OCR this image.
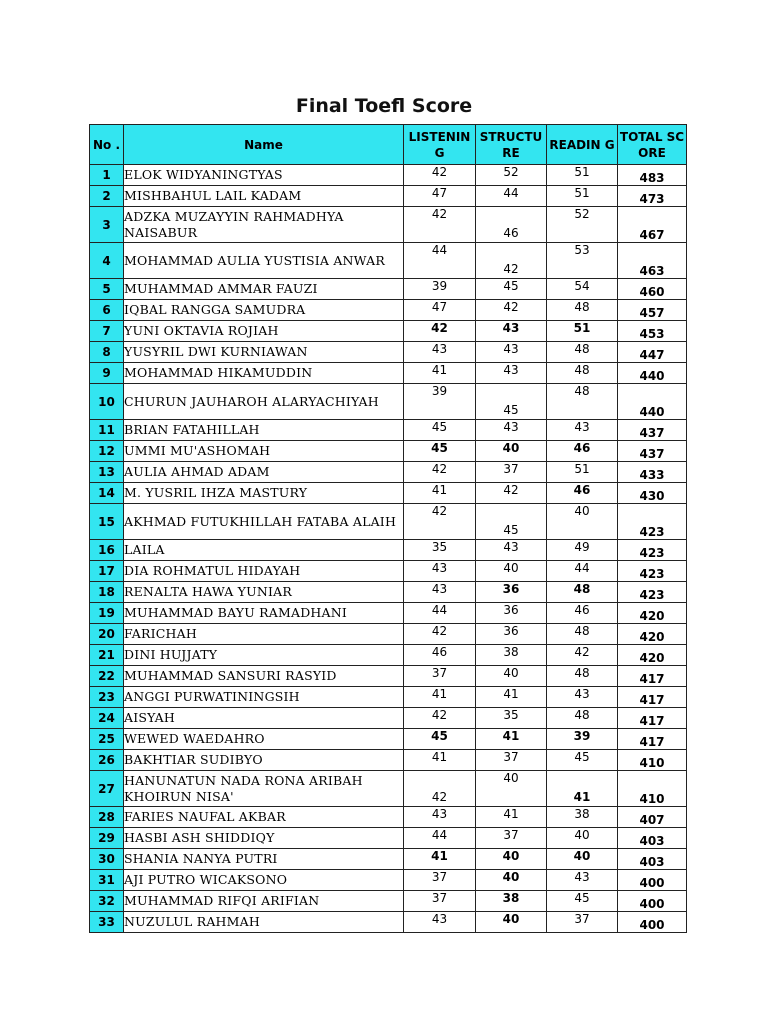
Final Toefl Score
No .	Name	LISTENIN G	STRUCTU RE	READIN G	TOTAL SCORE
1	ELOK WIDYANINGTYAS	42	52	51	483
2	MISHBAHUL LAIL KADAM	47	44	51	473
3	ADZKA MUZAYYIN RAHMADHYA NAISABUR	42	46	52	467
4	MOHAMMAD AULIA YUSTISIA ANWAR	44	42	53	463
5	MUHAMMAD AMMAR FAUZI	39	45	54	460
6	IQBAL RANGGA SAMUDRA	47	42	48	457
7	YUNI OKTAVIA ROJIAH	42	43	51	453
8	YUSYRIL DWI KURNIAWAN	43	43	48	447
9	MOHAMMAD HIKAMUDDIN	41	43	48	440
10	CHURUN JAUHAROH ALARYACHIYAH	39	45	48	440
11	BRIAN FATAHILLAH	45	43	43	437
12	UMMI MU'ASHOMAH	45	40	46	437
13	AULIA AHMAD ADAM	42	37	51	433
14	M. YUSRIL IHZA MASTURY	41	42	46	430
15	AKHMAD FUTUKHILLAH FATABA ALAIH	42	45	40	423
16	LAILA	35	43	49	423
17	DIA ROHMATUL HIDAYAH	43	40	44	423
18	RENALTA HAWA YUNIAR	43	36	48	423
19	MUHAMMAD BAYU RAMADHANI	44	36	46	420
20	FARICHAH	42	36	48	420
21	DINI HUJJATY	46	38	42	420
22	MUHAMMAD SANSURI RASYID	37	40	48	417
23	ANGGI PURWATININGSIH	41	41	43	417
24	AISYAH	42	35	48	417
25	WEWED WAEDAHRO	45	41	39	417
26	BAKHTIAR SUDIBYO	41	37	45	410
27	HANUNATUN NADA RONA ARIBAH KHOIRUN NISA'	42	40	41	410
28	FARIES NAUFAL AKBAR	43	41	38	407
29	HASBI ASH SHIDDIQY	44	37	40	403
30	SHANIA NANYA PUTRI	41	40	40	403
31	AJI PUTRO WICAKSONO	37	40	43	400
32	MUHAMMAD RIFQI ARIFIAN	37	38	45	400
33	NUZULUL RAHMAH	43	40	37	400
